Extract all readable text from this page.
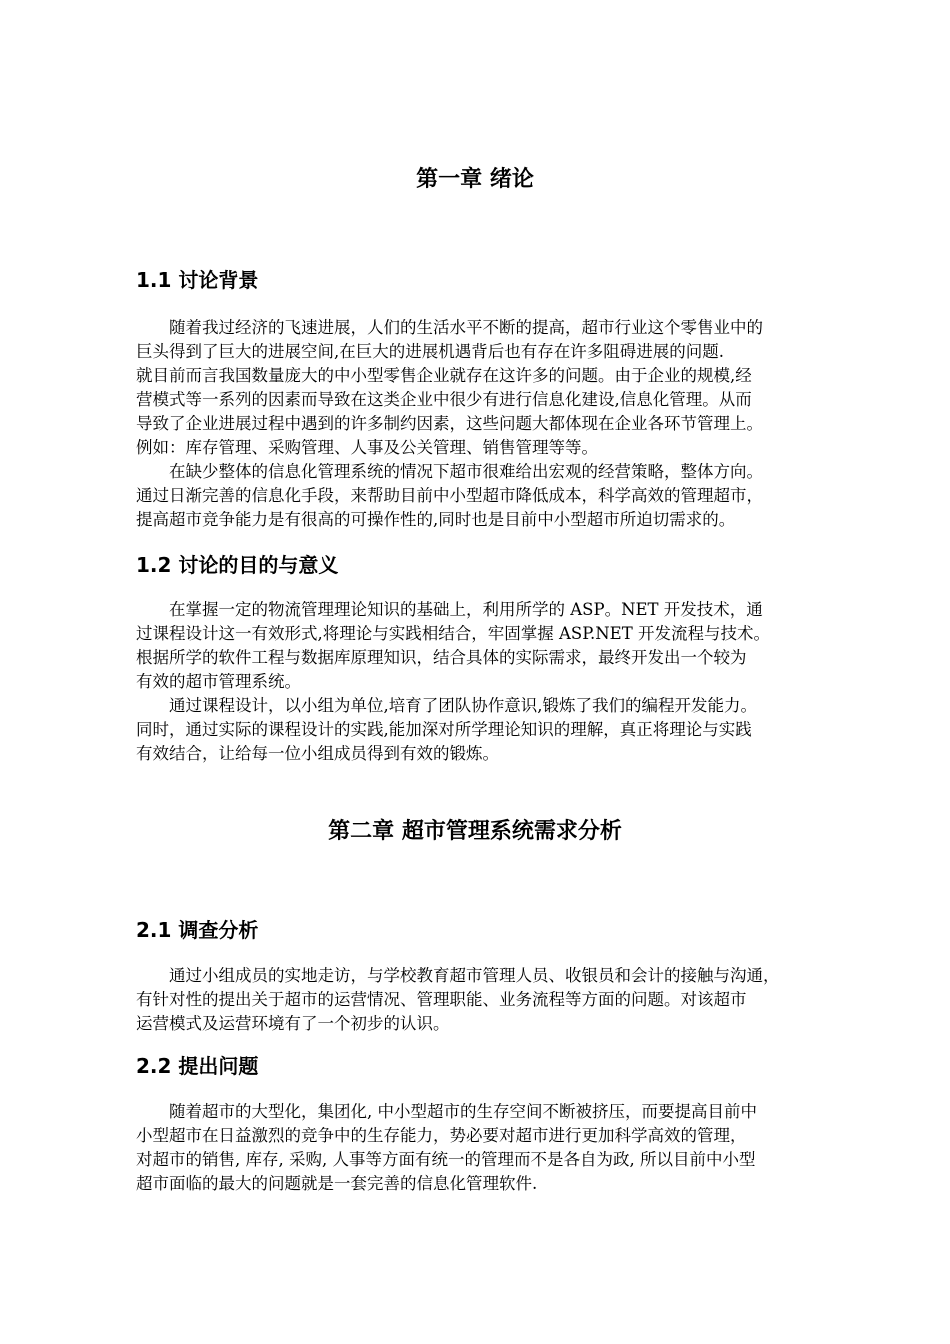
第一章 绪论
1.1 讨论背景
　　随着我过经济的飞速进展，人们的生活水平不断的提高，超市行业这个零售业中的
巨头得到了巨大的进展空间,在巨大的进展机遇背后也有存在许多阻碍进展的问题.
就目前而言我国数量庞大的中小型零售企业就存在这许多的问题。由于企业的规模,经
营模式等一系列的因素而导致在这类企业中很少有进行信息化建设,信息化管理。从而
导致了企业进展过程中遇到的许多制约因素，这些问题大都体现在企业各环节管理上。
例如：库存管理、采购管理、人事及公关管理、销售管理等等。
　　在缺少整体的信息化管理系统的情况下超市很难给出宏观的经营策略，整体方向。
通过日渐完善的信息化手段，来帮助目前中小型超市降低成本，科学高效的管理超市，
提高超市竞争能力是有很高的可操作性的,同时也是目前中小型超市所迫切需求的。
1.2 讨论的目的与意义
　　在掌握一定的物流管理理论知识的基础上，利用所学的 ASP。NET 开发技术，通
过课程设计这一有效形式,将理论与实践相结合，牢固掌握 ASP.NET 开发流程与技术。
根据所学的软件工程与数据库原理知识，结合具体的实际需求，最终开发出一个较为
有效的超市管理系统。
　　通过课程设计，以小组为单位,培育了团队协作意识,锻炼了我们的编程开发能力。
同时，通过实际的课程设计的实践,能加深对所学理论知识的理解，真正将理论与实践
有效结合，让给每一位小组成员得到有效的锻炼。
第二章 超市管理系统需求分析
2.1 调查分析
　　通过小组成员的实地走访，与学校教育超市管理人员、收银员和会计的接触与沟通，
有针对性的提出关于超市的运营情况、管理职能、业务流程等方面的问题。对该超市
运营模式及运营环境有了一个初步的认识。
2.2 提出问题
　　随着超市的大型化，集团化, 中小型超市的生存空间不断被挤压，而要提高目前中
小型超市在日益激烈的竞争中的生存能力，势必要对超市进行更加科学高效的管理，
对超市的销售, 库存, 采购, 人事等方面有统一的管理而不是各自为政, 所以目前中小型
超市面临的最大的问题就是一套完善的信息化管理软件.
